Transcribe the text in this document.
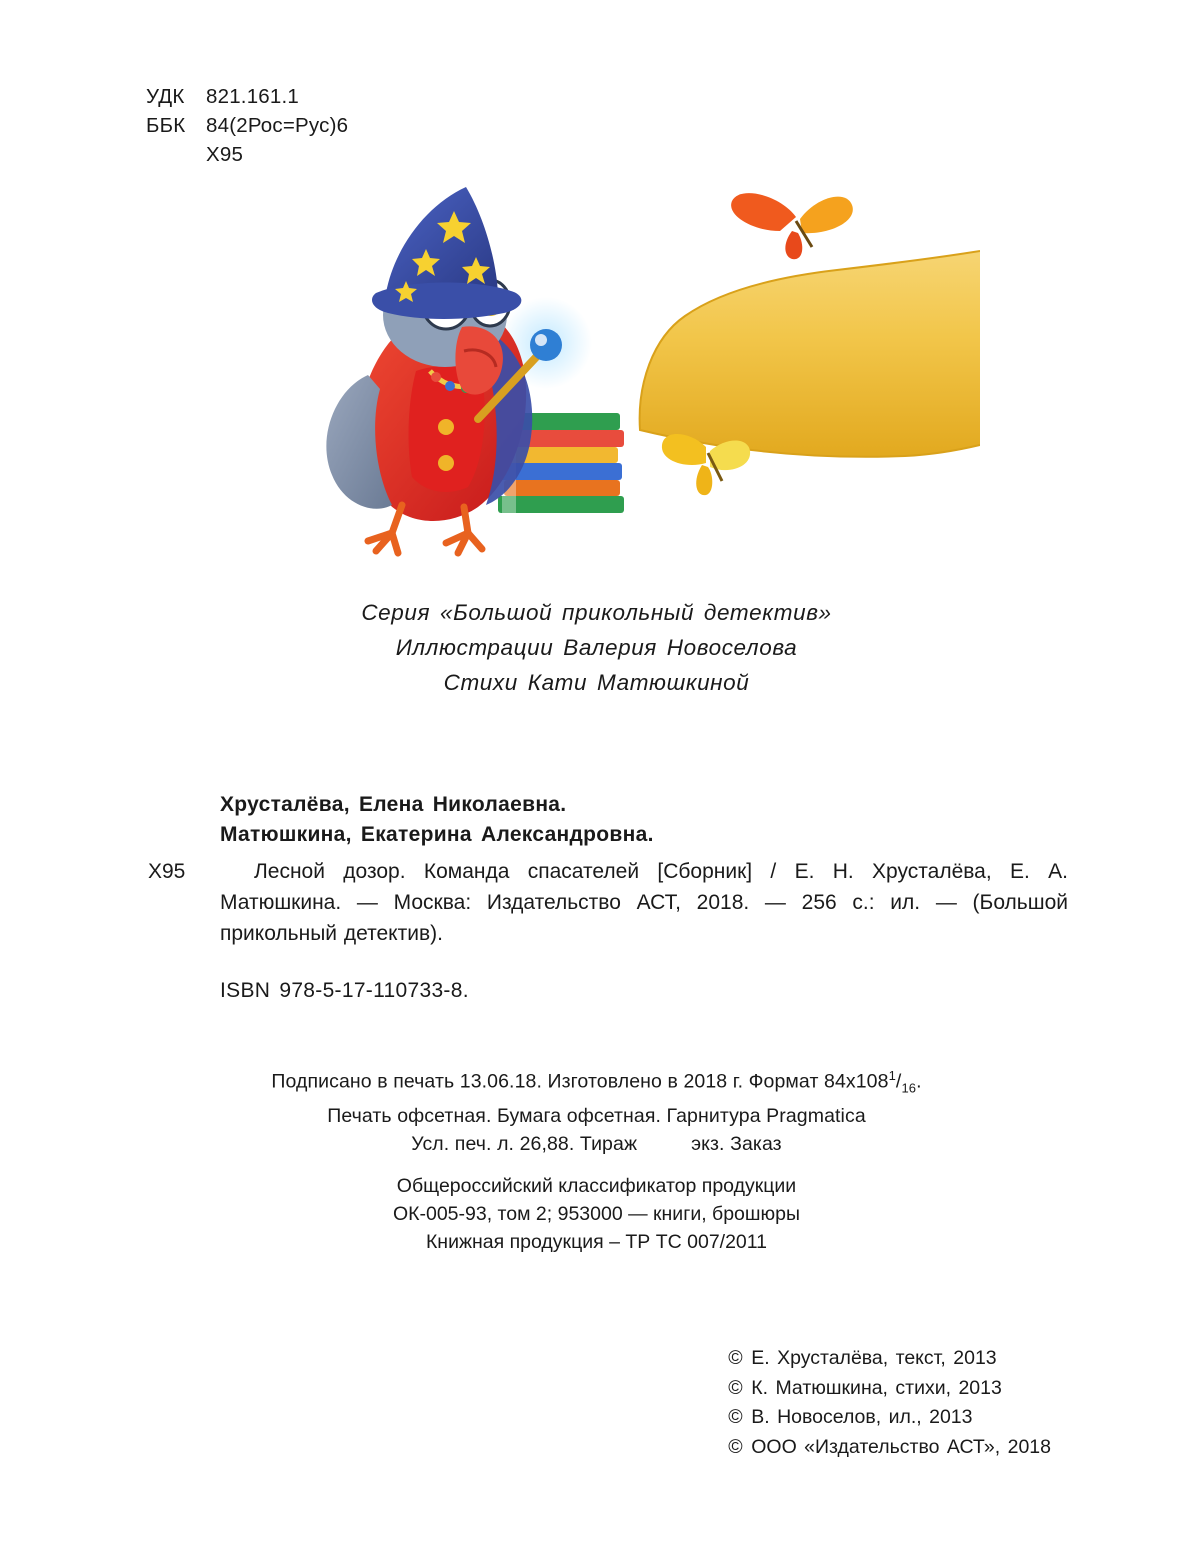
УДК	821.161.1
ББК	84(2Рос=Рус)6
Х95
Серия «Большой прикольный детектив»
Иллюстрации Валерия Новоселова
Стихи Кати Матюшкиной
Хрусталёва, Елена Николаевна.
Матюшкина, Екатерина Александровна.
Х95	Лесной дозор. Команда спасателей [Сборник] / Е. Н. Хрусталёва, Е. А. Матюшкина. — Москва: Издательство АСТ, 2018. — 256 с.: ил. — (Большой прикольный детектив).
ISBN 978-5-17-110733-8.
Подписано в печать 13.06.18. Изготовлено в 2018 г. Формат $84х108^1/_{16}$.
Печать офсетная. Бумага офсетная. Гарнитура Pragmatica
Усл. печ. л. 26,88. Тираж	экз. Заказ
Общероссийский классификатор продукции
ОК-005-93, том 2; 953000 — книги, брошюры
Книжная продукция – ТР ТС 007/2011
© Е. Хрусталёва, текст, 2013
© К. Матюшкина, стихи, 2013
© В. Новоселов, ил., 2013
© ООО «Издательство АСТ», 2018
